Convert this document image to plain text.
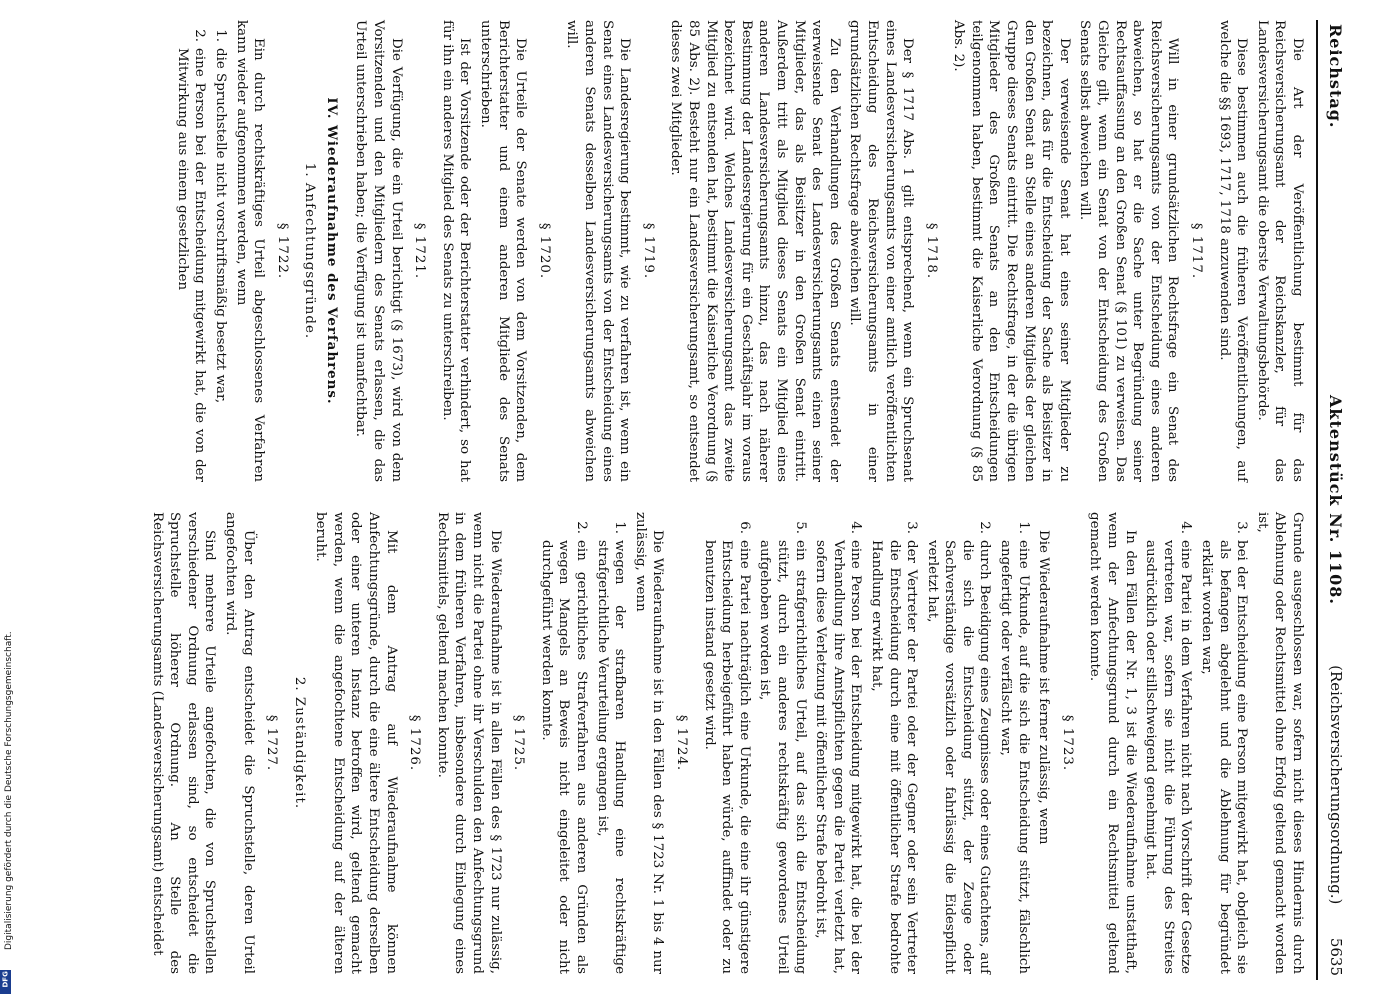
Reichstag.
Aktenstück Nr. 1108.
(Reichsversicherungsordnung.)       5635

Die Art der Veröffentlichung bestimmt für das Reichsversicherungsamt der Reichskanzler, für das Landesversicherungsamt die oberste Verwaltungsbehörde.

Diese bestimmen auch die früheren Veröffentlichungen, auf welche die §§ 1693, 1717, 1718 anzuwenden sind.

§ 1717.

Will in einer grundsätzlichen Rechtsfrage ein Senat des Reichsversicherungsamts von der Entscheidung eines anderen abweichen, so hat er die Sache unter Begründung seiner Rechtsauffassung an den Großen Senat (§ 101) zu verweisen. Das Gleiche gilt, wenn ein Senat von der Entscheidung des Großen Senats selbst abweichen will.

Der verweisende Senat hat eines seiner Mitglieder zu bezeichnen, das für die Entscheidung der Sache als Beisitzer in den Großen Senat an Stelle eines anderen Mitglieds der gleichen Gruppe dieses Senats eintritt. Die Rechtsfrage, in der die übrigen Mitglieder des Großen Senats an den Entscheidungen teilgenommen haben, bestimmt die Kaiserliche Verordnung (§ 85 Abs. 2).

§ 1718.

Der § 1717 Abs. 1 gilt entsprechend, wenn ein Spruchsenat eines Landesversicherungsamts von einer amtlich veröffentlichten Entscheidung des Reichsversicherungsamts in einer grundsätzlichen Rechtsfrage abweichen will.

Zu den Verhandlungen des Großen Senats entsendet der verweisende Senat des Landesversicherungsamts einen seiner Mitglieder, das als Beisitzer in den Großen Senat eintritt. Außerdem tritt als Mitglied dieses Senats ein Mitglied eines anderen Landesversicherungsamts hinzu, das nach näherer Bestimmung der Landesregierung für ein Geschäftsjahr im voraus bezeichnet wird. Welches Landesversicherungsamt das zweite Mitglied zu entsenden hat, bestimmt die Kaiserliche Verordnung (§ 85 Abs. 2). Besteht nur ein Landesversicherungsamt, so entsendet dieses zwei Mitglieder.

§ 1719.

Die Landesregierung bestimmt, wie zu verfahren ist, wenn ein Senat eines Landesversicherungsamts von der Entscheidung eines anderen Senats desselben Landesversicherungsamts abweichen will.

§ 1720.

Die Urteile der Senate werden von dem Vorsitzenden, dem Berichterstatter und einem anderen Mitgliede des Senats unterschrieben.

Ist der Vorsitzende oder der Berichterstatter verhindert, so hat für ihn ein anderes Mitglied des Senats zu unterschreiben.

§ 1721.

Die Verfügung, die ein Urteil berichtigt (§ 1673), wird von dem Vorsitzenden und den Mitgliedern des Senats erlassen, die das Urteil unterschrieben haben; die Verfügung ist unanfechtbar.

IV. Wiederaufnahme des Verfahrens.
1. Anfechtungsgründe.
§ 1722.

Ein durch rechtskräftiges Urteil abgeschlossenes Verfahren kann wieder aufgenommen werden, wenn

1.
die Spruchstelle nicht vorschriftsmäßig besetzt war,
2.
eine Person bei der Entscheidung mitgewirkt hat, die von der Mitwirkung aus einem gesetzlichen

Grunde ausgeschlossen war, sofern nicht dieses Hindernis durch Ablehnung oder Rechtsmittel ohne Erfolg geltend gemacht worden ist,

3.
bei der Entscheidung eine Person mitgewirkt hat, obgleich sie als befangen abgelehnt und die Ablehnung für begründet erklärt worden war,
4.
eine Partei in dem Verfahren nicht nach Vorschrift der Gesetze vertreten war, sofern sie nicht die Führung des Streites ausdrücklich oder stillschweigend genehmigt hat.

In den Fällen der Nr. 1, 3 ist die Wiederaufnahme unstatthaft, wenn der Anfechtungsgrund durch ein Rechtsmittel geltend gemacht werden konnte.

§ 1723.

Die Wiederaufnahme ist ferner zulässig, wenn

1.
eine Urkunde, auf die sich die Entscheidung stützt, fälschlich angefertigt oder verfälscht war,
2.
durch Beeidigung eines Zeugnisses oder eines Gutachtens, auf die sich die Entscheidung stützt, der Zeuge oder Sachverständige vorsätzlich oder fahrlässig die Eidespflicht verletzt hat,
3.
der Vertreter der Partei oder der Gegner oder sein Vertreter die Entscheidung durch eine mit öffentlicher Strafe bedrohte Handlung erwirkt hat,
4.
eine Person bei der Entscheidung mitgewirkt hat, die bei der Verhandlung ihre Amtspflichten gegen die Partei verletzt hat, sofern diese Verletzung mit öffentlicher Strafe bedroht ist,
5.
ein strafgerichtliches Urteil, auf das sich die Entscheidung stützt, durch ein anderes rechtskräftig gewordenes Urteil aufgehoben worden ist,
6.
eine Partei nachträglich eine Urkunde, die eine ihr günstigere Entscheidung herbeigeführt haben würde, auffindet oder zu benutzen instand gesetzt wird.
§ 1724.

Die Wiederaufnahme ist in den Fällen des § 1723 Nr. 1 bis 4 nur zulässig, wenn

1.
wegen der strafbaren Handlung eine rechtskräftige strafgerichtliche Verurteilung ergangen ist,
2.
ein gerichtliches Strafverfahren aus anderen Gründen als wegen Mangels an Beweis nicht eingeleitet oder nicht durchgeführt werden konnte.
§ 1725.

Die Wiederaufnahme ist in allen Fällen des § 1723 nur zulässig, wenn nicht die Partei ohne ihr Verschulden den Anfechtungsgrund in dem früheren Verfahren, insbesondere durch Einlegung eines Rechtsmittels, geltend machen konnte.

§ 1726.

Mit dem Antrag auf Wiederaufnahme können Anfechtungsgründe, durch die eine ältere Entscheidung derselben oder einer unteren Instanz betroffen wird, geltend gemacht werden, wenn die angefochtene Entscheidung auf der älteren beruht.

2. Zuständigkeit.
§ 1727.

Über den Antrag entscheidet die Spruchstelle, deren Urteil angefochten wird.

Sind mehrere Urteile angefochten, die von Spruchstellen verschiedener Ordnung erlassen sind, so entscheidet die Spruchstelle höherer Ordnung. An Stelle des Reichsversicherungsamts (Landesversicherungsamt) entscheidet

Digitalisierung gefördert durch die Deutsche Forschungsgemeinschaft.
DFG
